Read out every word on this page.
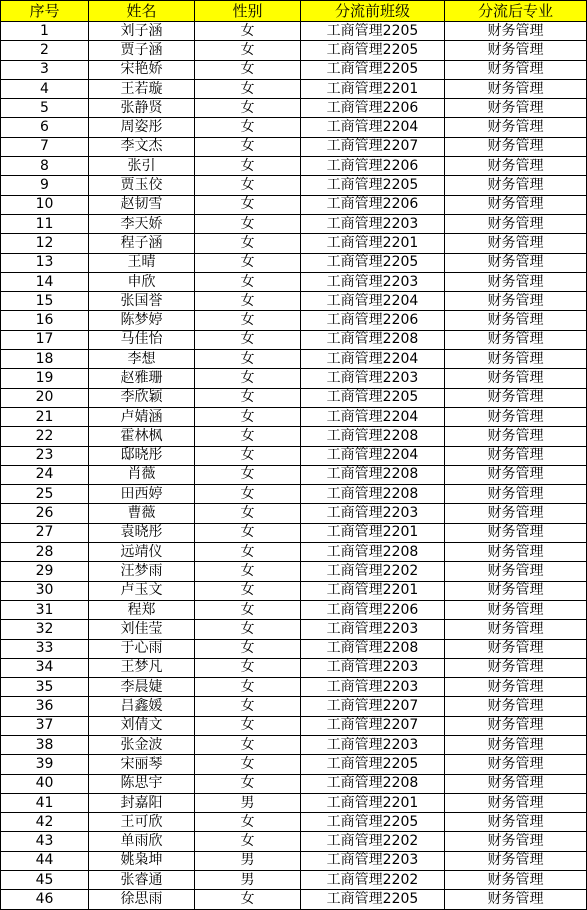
序号	姓名	性别	分流前班级	分流后专业
1	刘子涵	女	工商管理2205	财务管理
2	贾子涵	女	工商管理2205	财务管理
3	宋艳娇	女	工商管理2205	财务管理
4	王若璇	女	工商管理2201	财务管理
5	张静贤	女	工商管理2206	财务管理
6	周姿彤	女	工商管理2204	财务管理
7	李文杰	女	工商管理2207	财务管理
8	张引	女	工商管理2206	财务管理
9	贾玉佼	女	工商管理2205	财务管理
10	赵韧雪	女	工商管理2206	财务管理
11	李天娇	女	工商管理2203	财务管理
12	程子涵	女	工商管理2201	财务管理
13	王晴	女	工商管理2205	财务管理
14	申欣	女	工商管理2203	财务管理
15	张国誉	女	工商管理2204	财务管理
16	陈梦婷	女	工商管理2206	财务管理
17	马佳怡	女	工商管理2208	财务管理
18	李想	女	工商管理2204	财务管理
19	赵雅珊	女	工商管理2203	财务管理
20	李欣颖	女	工商管理2205	财务管理
21	卢婧涵	女	工商管理2204	财务管理
22	霍林枫	女	工商管理2208	财务管理
23	邸晓彤	女	工商管理2204	财务管理
24	肖薇	女	工商管理2208	财务管理
25	田西婷	女	工商管理2208	财务管理
26	曹薇	女	工商管理2203	财务管理
27	袁晓彤	女	工商管理2201	财务管理
28	远靖仪	女	工商管理2208	财务管理
29	汪梦雨	女	工商管理2202	财务管理
30	卢玉文	女	工商管理2201	财务管理
31	程郑	女	工商管理2206	财务管理
32	刘佳莹	女	工商管理2203	财务管理
33	于心雨	女	工商管理2208	财务管理
34	王梦凡	女	工商管理2203	财务管理
35	李晨婕	女	工商管理2203	财务管理
36	吕鑫媛	女	工商管理2207	财务管理
37	刘倩文	女	工商管理2207	财务管理
38	张金波	女	工商管理2203	财务管理
39	宋丽琴	女	工商管理2205	财务管理
40	陈思宇	女	工商管理2208	财务管理
41	封嘉阳	男	工商管理2201	财务管理
42	王可欣	女	工商管理2205	财务管理
43	单雨欣	女	工商管理2202	财务管理
44	姚枭坤	男	工商管理2203	财务管理
45	张睿通	男	工商管理2202	财务管理
46	徐思雨	女	工商管理2205	财务管理
